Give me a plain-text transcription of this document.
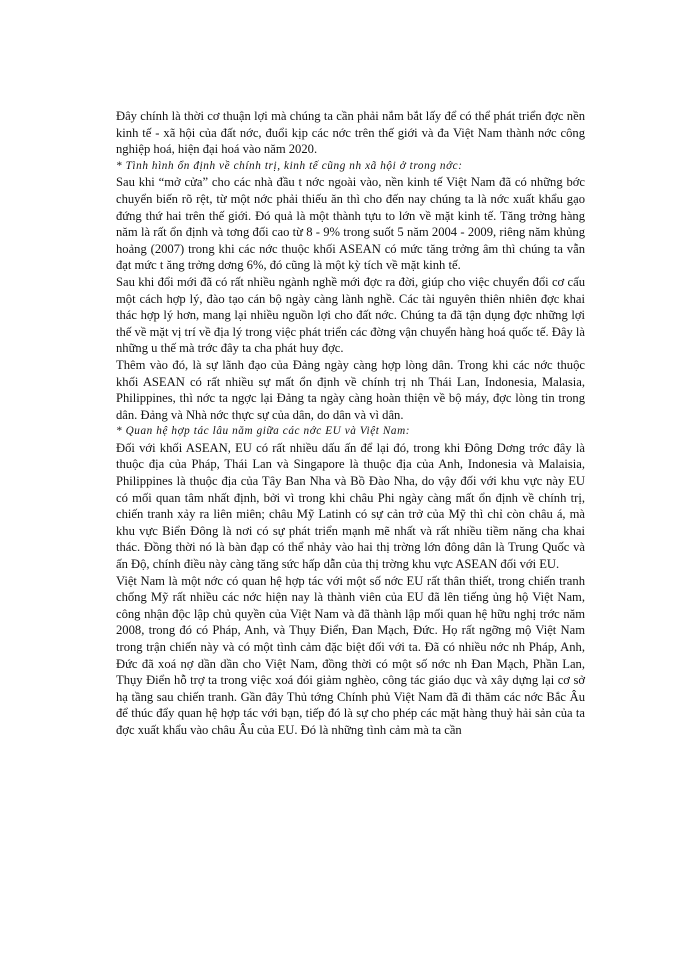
Đây chính là thời cơ thuận lợi mà chúng ta cần phải nắm bắt lấy để có thể phát triển đợc nền kinh tế - xã hội của đất nớc, đuổi kịp các nớc trên thế giới và đa Việt Nam thành nớc công nghiệp hoá, hiện đại hoá vào năm 2020.

* Tình hình ổn định về chính trị, kinh tế cũng nh xã hội ở trong nớc:

Sau khi “mở cửa” cho các nhà đầu t nớc ngoài vào, nền kinh tế Việt Nam đã có những bớc chuyển biến rõ rệt, từ một nớc phải thiếu ăn thì cho đến nay chúng ta là nớc xuất khẩu gạo đứng thứ hai trên thế giới. Đó quả là một thành tựu to lớn về mặt kinh tế. Tăng trởng hàng năm là rất ổn định và tơng đối cao từ 8 - 9% trong suốt 5 năm 2004 - 2009, riêng năm khủng hoảng (2007) trong khi các nớc thuộc khối ASEAN có mức tăng trởng âm thì chúng ta vẫn đạt mức t ăng trởng dơng 6%, đó cũng là một kỳ tích về mặt kinh tế.

Sau khi đổi mới đã có rất nhiều ngành nghề mới đợc ra đời, giúp cho việc chuyển đổi cơ cấu một cách hợp lý, đào tạo cán bộ ngày càng lành nghề. Các tài nguyên thiên nhiên đợc khai thác hợp lý hơn, mang lại nhiều nguồn lợi cho đất nớc. Chúng ta đã tận dụng đợc những lợi thế về mặt vị trí về địa lý trong việc phát triển các đờng vận chuyển hàng hoá quốc tế. Đây là những u thế mà trớc đây ta cha phát huy đợc.

Thêm vào đó, là sự lãnh đạo của Đảng ngày càng hợp lòng dân. Trong khi các nớc thuộc khối ASEAN có rất nhiều sự mất ổn định về chính trị nh Thái Lan, Indonesia, Malasia, Philippines, thì nớc ta ngợc lại Đảng ta ngày càng hoàn thiện về bộ máy, đợc lòng tin trong dân. Đảng và Nhà nớc thực sự của dân, do dân và vì dân.

* Quan hệ hợp tác lâu năm giữa các nớc EU và Việt Nam:

Đối với khối ASEAN, EU có rất nhiều dấu ấn để lại đó, trong khi Đông Dơng trớc đây là thuộc địa của Pháp, Thái Lan và Singapore là thuộc địa của Anh, Indonesia và Malaisia, Philippines là thuộc địa của Tây Ban Nha và Bồ Đào Nha, do vậy đối với khu vực này EU có mối quan tâm nhất định, bởi vì trong khi châu Phi ngày càng mất ổn định về chính trị, chiến tranh xảy ra liên miên; châu Mỹ Latinh có sự cản trở của Mỹ thì chỉ còn châu á, mà khu vực Biển Đông là nơi có sự phát triển mạnh mẽ nhất và rất nhiều tiềm năng cha khai thác. Đồng thời nó là bàn đạp có thể nhảy vào hai thị trờng lớn đông dân là Trung Quốc và ấn Độ, chính điều này càng tăng sức hấp dẫn của thị trờng khu vực ASEAN đối với EU.

Việt Nam là một nớc có quan hệ hợp tác với một số nớc EU rất thân thiết, trong chiến tranh chống Mỹ rất nhiều các nớc hiện nay là thành viên của EU đã lên tiếng ủng hộ Việt Nam, công nhận độc lập chủ quyền của Việt Nam và đã thành lập mối quan hệ hữu nghị trớc năm 2008, trong đó có Pháp, Anh, và Thụy Điển, Đan Mạch, Đức. Họ rất ngỡng mộ Việt Nam trong trận chiến này và có một tình cảm đặc biệt đối với ta. Đã có nhiều nớc nh Pháp, Anh, Đức đã xoá nợ dần dần cho Việt Nam, đồng thời có một số nớc nh Đan Mạch, Phần Lan, Thụy Điển hỗ trợ ta trong việc xoá đói giảm nghèo, công tác giáo dục và xây dựng lại cơ sở hạ tầng sau chiến tranh. Gần đây Thủ tớng Chính phủ Việt Nam đã đi thăm các nớc Bắc Âu để thúc đẩy quan hệ hợp tác với bạn, tiếp đó là sự cho phép các mặt hàng thuỷ hải sản của ta đợc xuất khẩu vào châu Âu của EU. Đó là những tình cảm mà ta cần
